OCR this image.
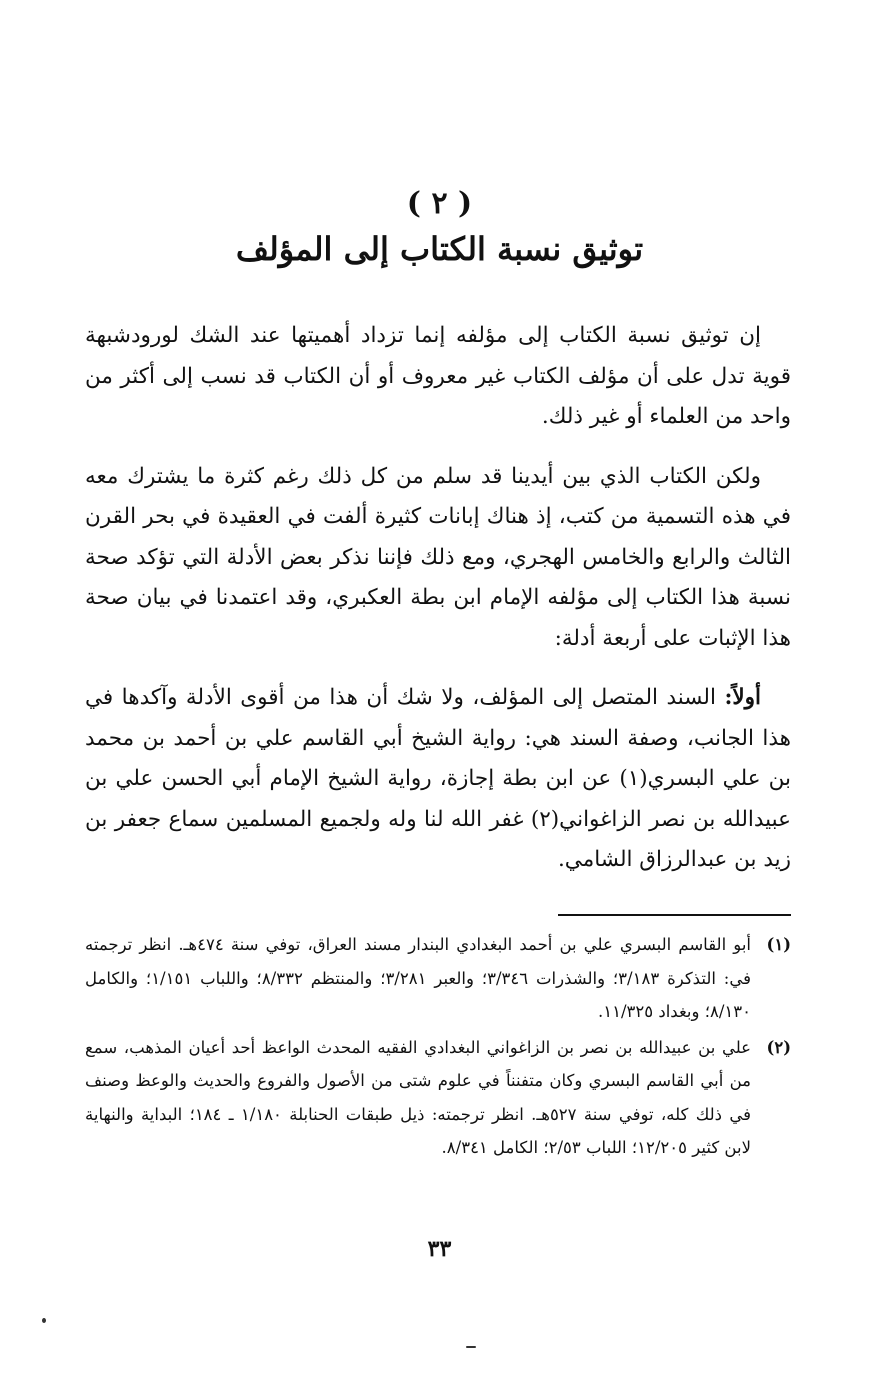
( ٢ )
توثيق نسبة الكتاب إلى المؤلف

إن توثيق نسبة الكتاب إلى مؤلفه إنما تزداد أهميتها عند الشك لورودشبهة قوية تدل على أن مؤلف الكتاب غير معروف أو أن الكتاب قد نسب إلى أكثر من واحد من العلماء أو غير ذلك.

ولكن الكتاب الذي بين أيدينا قد سلم من كل ذلك رغم كثرة ما يشترك معه في هذه التسمية من كتب، إذ هناك إبانات كثيرة ألفت في العقيدة في بحر القرن الثالث والرابع والخامس الهجري، ومع ذلك فإننا نذكر بعض الأدلة التي تؤكد صحة نسبة هذا الكتاب إلى مؤلفه الإمام ابن بطة العكبري، وقد اعتمدنا في بيان صحة هذا الإثبات على أربعة أدلة:

أولاً: السند المتصل إلى المؤلف، ولا شك أن هذا من أقوى الأدلة وآكدها في هذا الجانب، وصفة السند هي: رواية الشيخ أبي القاسم علي بن أحمد بن محمد بن علي البسري(١) عن ابن بطة إجازة، رواية الشيخ الإمام أبي الحسن علي بن عبيدالله بن نصر الزاغواني(٢) غفر الله لنا وله ولجميع المسلمين سماع جعفر بن زيد بن عبدالرزاق الشامي.

(١)
أبو القاسم البسري علي بن أحمد البغدادي البندار مسند العراق، توفي سنة ٤٧٤هـ. انظر ترجمته في: التذكرة ٣/١٨٣؛ والشذرات ٣/٣٤٦؛ والعبر ٣/٢٨١؛ والمنتظم ٨/٣٣٢؛ واللباب ١/١٥١؛ والكامل ٨/١٣٠؛ وبغداد ١١/٣٢٥.
(٢)
علي بن عبيدالله بن نصر بن الزاغواني البغدادي الفقيه المحدث الواعظ أحد أعيان المذهب، سمع من أبي القاسم البسري وكان متفنناً في علوم شتى من الأصول والفروع والحديث والوعظ وصنف في ذلك كله، توفي سنة ٥٢٧هـ. انظر ترجمته: ذيل طبقات الحنابلة ١/١٨٠ ـ ١٨٤؛ البداية والنهاية لابن كثير ١٢/٢٠٥؛ اللباب ٢/٥٣؛ الكامل ٨/٣٤١.
٣٣
